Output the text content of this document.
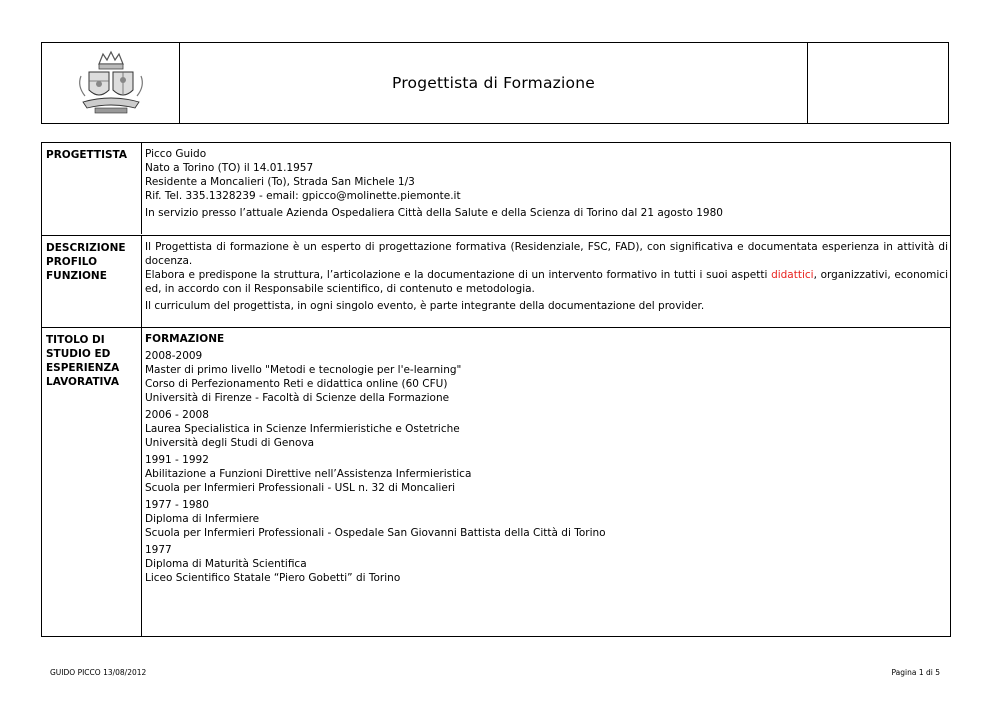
Progettista di Formazione
PROGETTISTA	Picco Guido
Nato a Torino (TO) il 14.01.1957
Residente a Moncalieri (To), Strada San Michele 1/3
Rif. Tel. 335.1328239 - email: gpicco@molinette.piemonte.it
In servizio presso l’attuale Azienda Ospedaliera Città della Salute e della Scienza di Torino dal 21 agosto 1980
DESCRIZIONE
PROFILO
FUNZIONE
Il Progettista di formazione è un esperto di progettazione formativa (Residenziale, FSC, FAD), con significativa e documentata esperienza in attività di docenza.
Elabora e predispone la struttura, l’articolazione e la documentazione di un intervento formativo in tutti i suoi aspetti didattici, organizzativi, economici ed, in accordo con il Responsabile scientifico, di contenuto e metodologia.
Il curriculum del progettista, in ogni singolo evento, è parte integrante della documentazione del provider.
TITOLO DI
STUDIO ED
ESPERIENZA
LAVORATIVA
FORMAZIONE
2008-2009
Master di primo livello "Metodi e tecnologie per l'e-learning"
Corso di Perfezionamento Reti e didattica online (60 CFU)
Università di Firenze - Facoltà di Scienze della Formazione
2006 - 2008
Laurea Specialistica in Scienze Infermieristiche e Ostetriche
Università degli Studi di Genova
1991 - 1992
Abilitazione a Funzioni Direttive nell’Assistenza Infermieristica
Scuola per Infermieri Professionali - USL n. 32 di Moncalieri
1977 - 1980
Diploma di Infermiere
Scuola per Infermieri Professionali - Ospedale San Giovanni Battista della Città di Torino
1977
Diploma di Maturità Scientifica
Liceo Scientifico Statale “Piero Gobetti” di Torino
GUIDO PICCO 13/08/2012	Pagina 1 di 5
